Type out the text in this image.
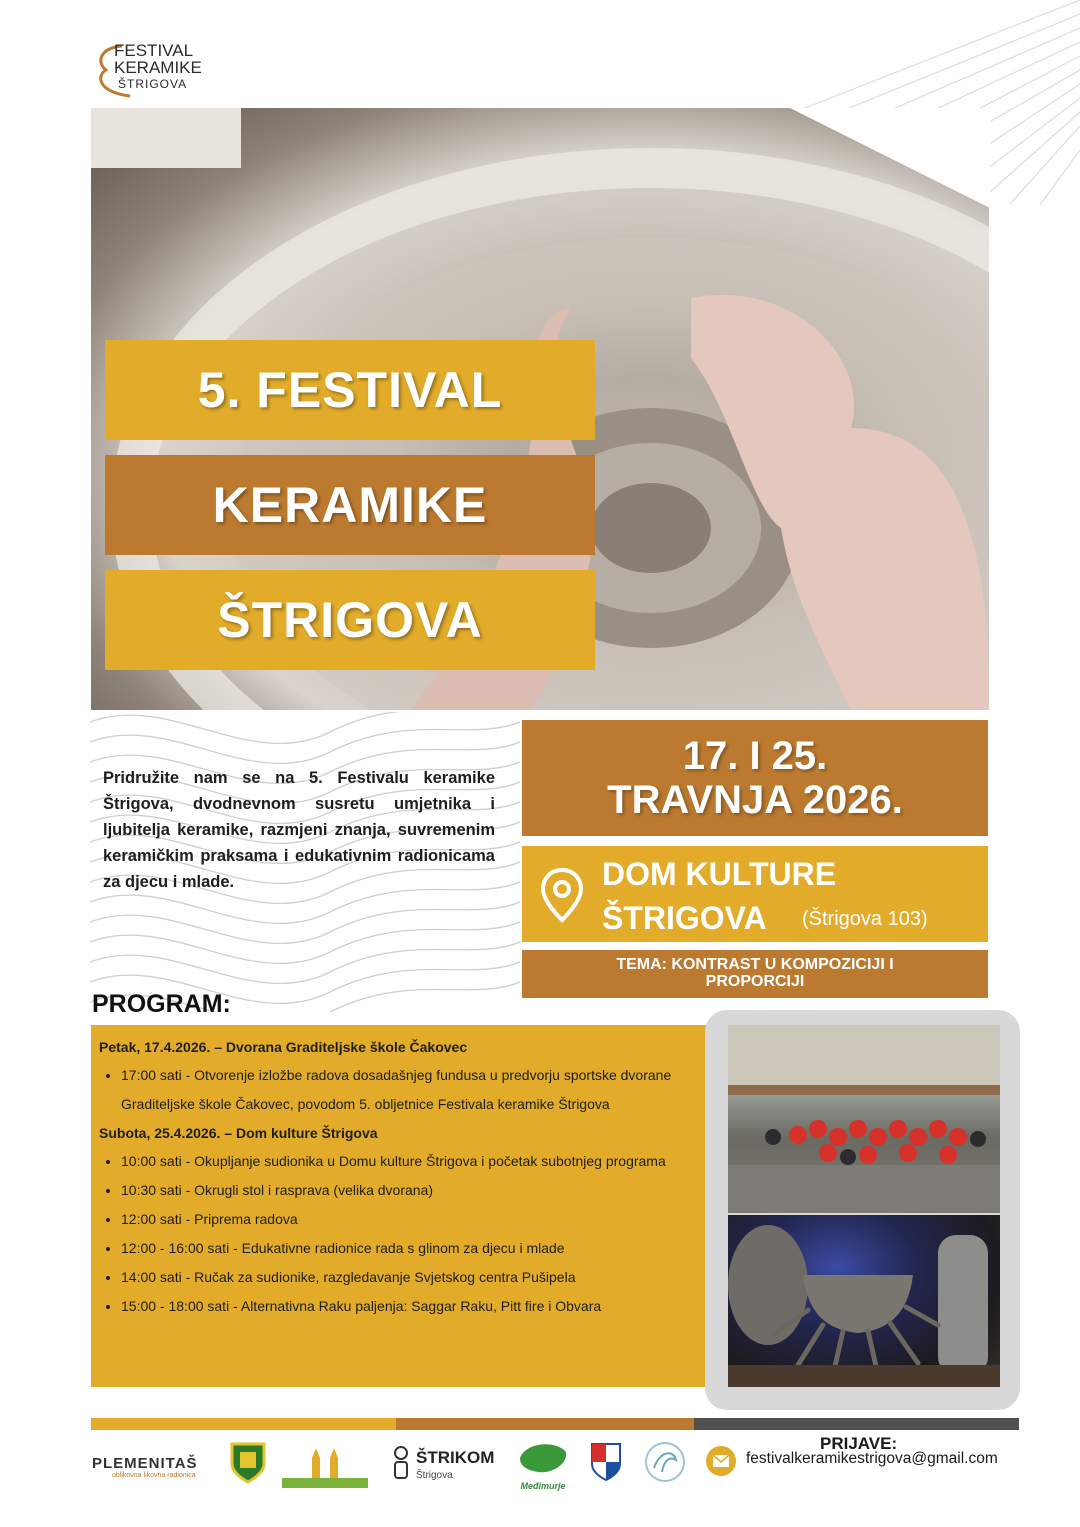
FESTIVAL
KERAMIKE
ŠTRIGOVA
5. FESTIVAL
KERAMIKE
ŠTRIGOVA
Pridružite nam se na 5. Festivalu keramike Štrigova, dvodnevnom susretu umjetnika i ljubitelja keramike, razmjeni znanja, suvremenim keramičkim praksama i edukativnim radionicama za djecu i mlade.
17. I 25.
TRAVNJA 2026.
DOM KULTURE
ŠTRIGOVA (Štrigova 103)
TEMA: KONTRAST U KOMPOZICIJI I
PROPORCIJI
PROGRAM:
Petak, 17.4.2026. – Dvorana Graditeljske škole Čakovec
• 17:00 sati - Otvorenje izložbe radova dosadašnjeg fundusa u predvorju sportske dvorane Graditeljske škole Čakovec, povodom 5. obljetnice Festivala keramike Štrigova
Subota, 25.4.2026. – Dom kulture Štrigova
• 10:00 sati - Okupljanje sudionika u Domu kulture Štrigova i početak subotnjeg programa
• 10:30 sati - Okrugli stol i rasprava (velika dvorana)
• 12:00 sati - Priprema radova
• 12:00 - 16:00 sati - Edukativne radionice rada s glinom za djecu i mlade
• 14:00 sati - Ručak za sudionike, razgledavanje Svjetskog centra Pušipela
• 15:00 - 18:00 sati - Alternativna Raku paljenja: Saggar Raku, Pitt fire i Obvara
PLEMENITAŠ
oblikovna likovna radionica
ŠTRIKOM
Štrigova
Međimurje
PRIJAVE:
festivalkeramikestrigova@gmail.com
